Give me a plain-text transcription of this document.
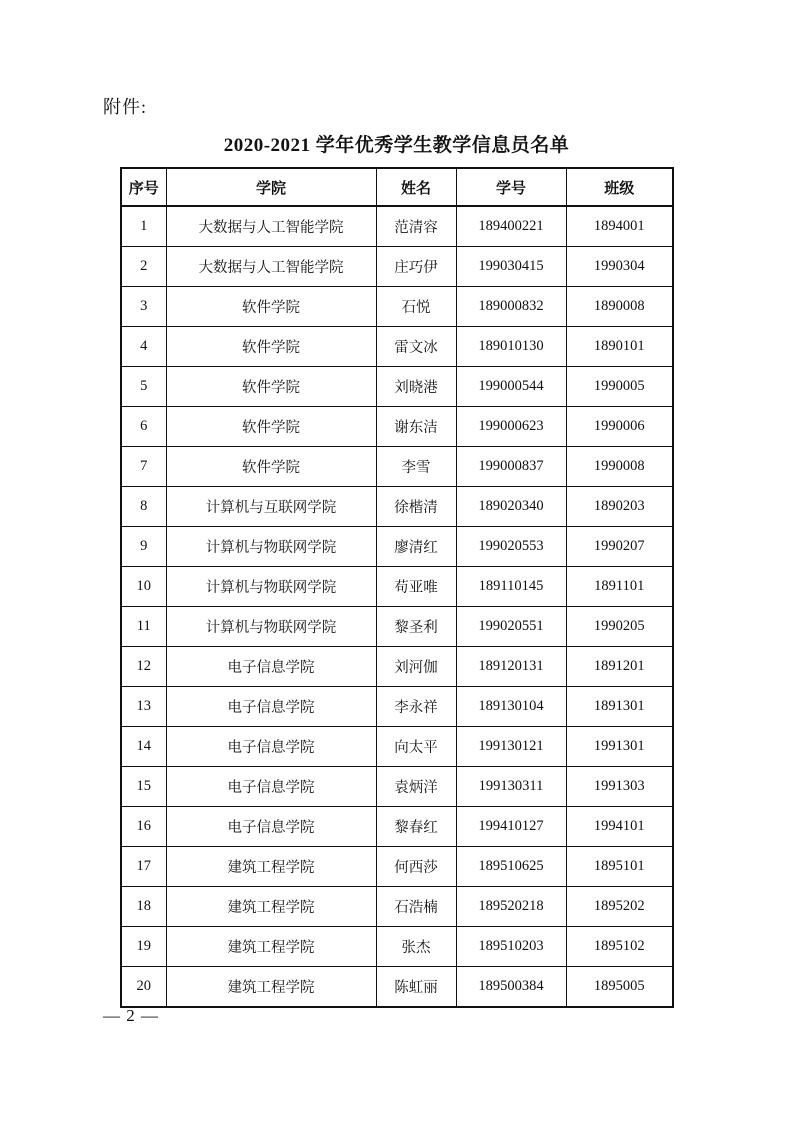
附件:
2020-2021 学年优秀学生教学信息员名单
序号	学院	姓名	学号	班级
1	大数据与人工智能学院	范清容	189400221	1894001
2	大数据与人工智能学院	庄巧伊	199030415	1990304
3	软件学院	石悦	189000832	1890008
4	软件学院	雷文冰	189010130	1890101
5	软件学院	刘晓港	199000544	1990005
6	软件学院	谢东洁	199000623	1990006
7	软件学院	李雪	199000837	1990008
8	计算机与互联网学院	徐楷清	189020340	1890203
9	计算机与物联网学院	廖清红	199020553	1990207
10	计算机与物联网学院	苟亚唯	189110145	1891101
11	计算机与物联网学院	黎圣利	199020551	1990205
12	电子信息学院	刘河伽	189120131	1891201
13	电子信息学院	李永祥	189130104	1891301
14	电子信息学院	向太平	199130121	1991301
15	电子信息学院	袁炳洋	199130311	1991303
16	电子信息学院	黎春红	199410127	1994101
17	建筑工程学院	何西莎	189510625	1895101
18	建筑工程学院	石浩楠	189520218	1895202
19	建筑工程学院	张杰	189510203	1895102
20	建筑工程学院	陈虹丽	189500384	1895005
— 2 —
